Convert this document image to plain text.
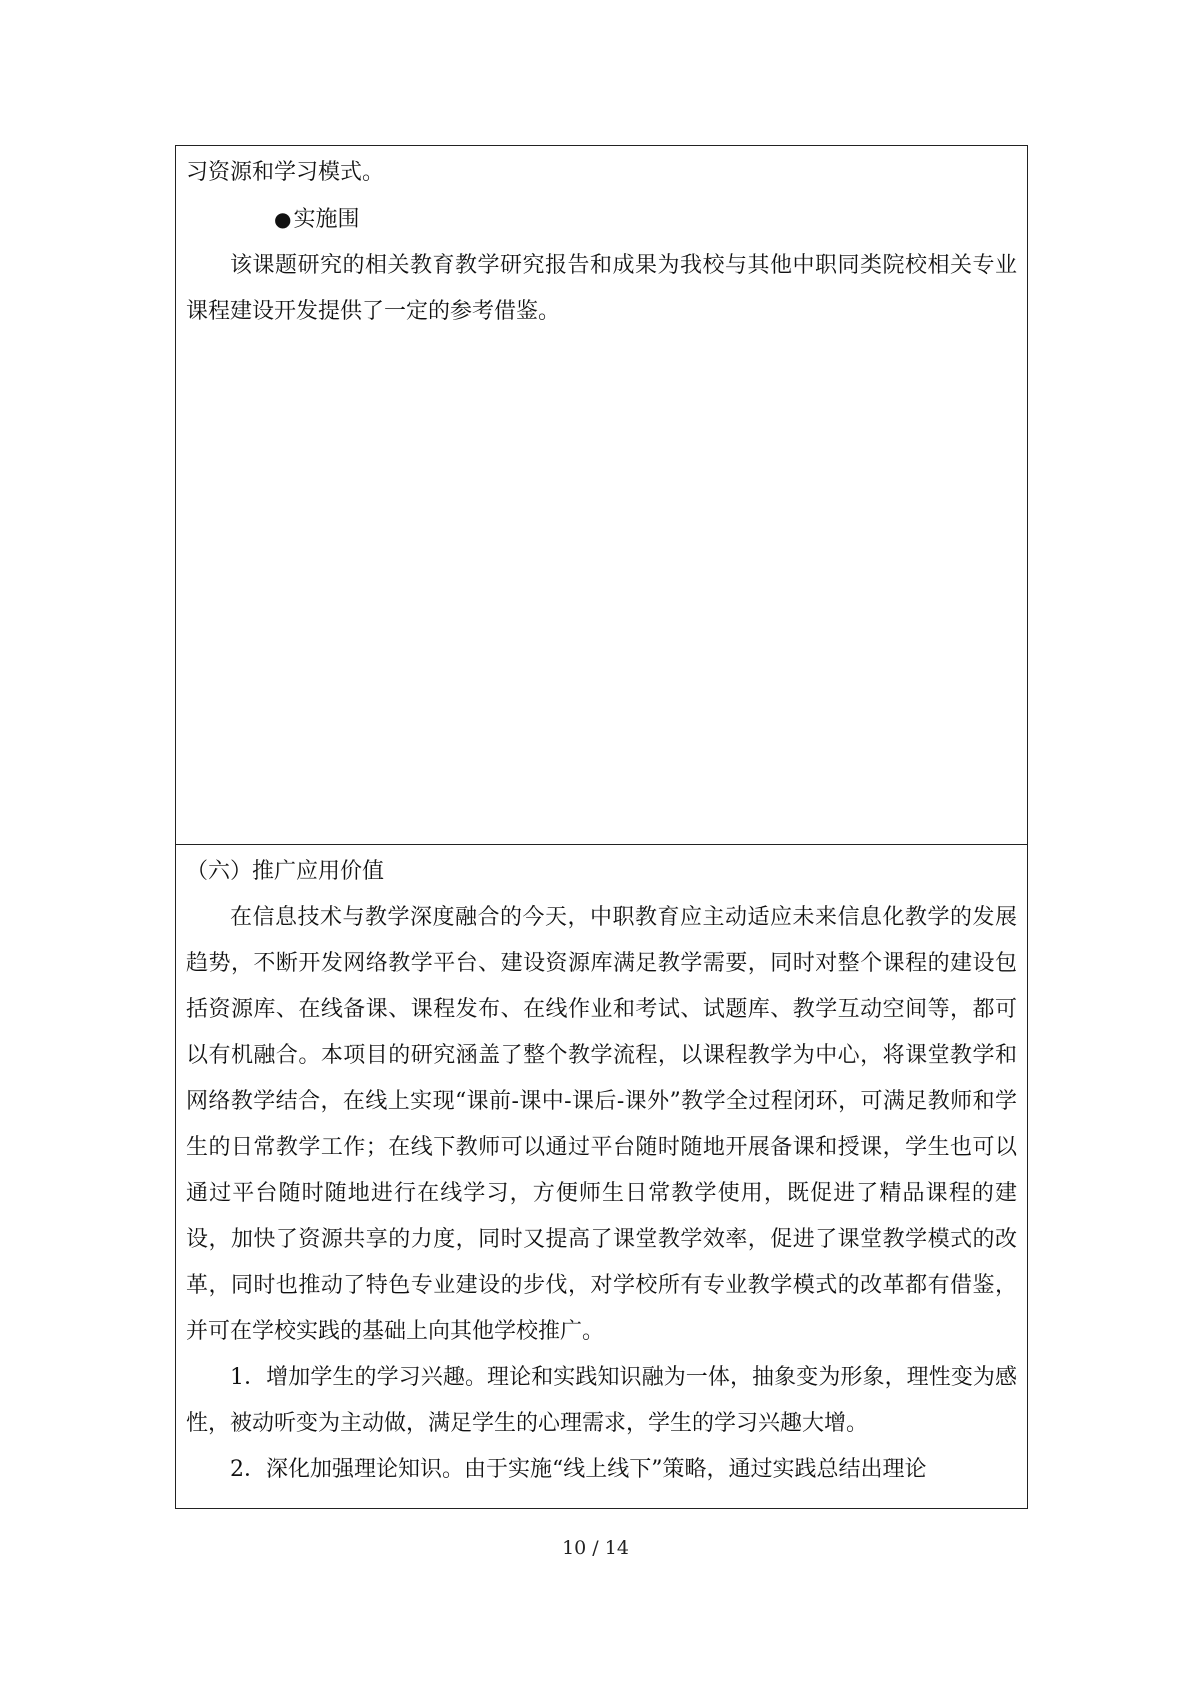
习资源和学习模式。

●实施围

该课题研究的相关教育教学研究报告和成果为我校与其他中职同类院校相关专业课程建设开发提供了一定的参考借鉴。

（六）推广应用价值

在信息技术与教学深度融合的今天，中职教育应主动适应未来信息化教学的发展趋势，不断开发网络教学平台、建设资源库满足教学需要，同时对整个课程的建设包括资源库、在线备课、课程发布、在线作业和考试、试题库、教学互动空间等，都可以有机融合。本项目的研究涵盖了整个教学流程，以课程教学为中心，将课堂教学和网络教学结合，在线上实现“课前-课中-课后-课外”教学全过程闭环，可满足教师和学生的日常教学工作；在线下教师可以通过平台随时随地开展备课和授课，学生也可以通过平台随时随地进行在线学习，方便师生日常教学使用，既促进了精品课程的建设，加快了资源共享的力度，同时又提高了课堂教学效率，促进了课堂教学模式的改革，同时也推动了特色专业建设的步伐，对学校所有专业教学模式的改革都有借鉴，并可在学校实践的基础上向其他学校推广。

1．增加学生的学习兴趣。理论和实践知识融为一体，抽象变为形象，理性变为感性，被动听变为主动做，满足学生的心理需求，学生的学习兴趣大增。

2．深化加强理论知识。由于实施“线上线下”策略，通过实践总结出理论

10 / 14
